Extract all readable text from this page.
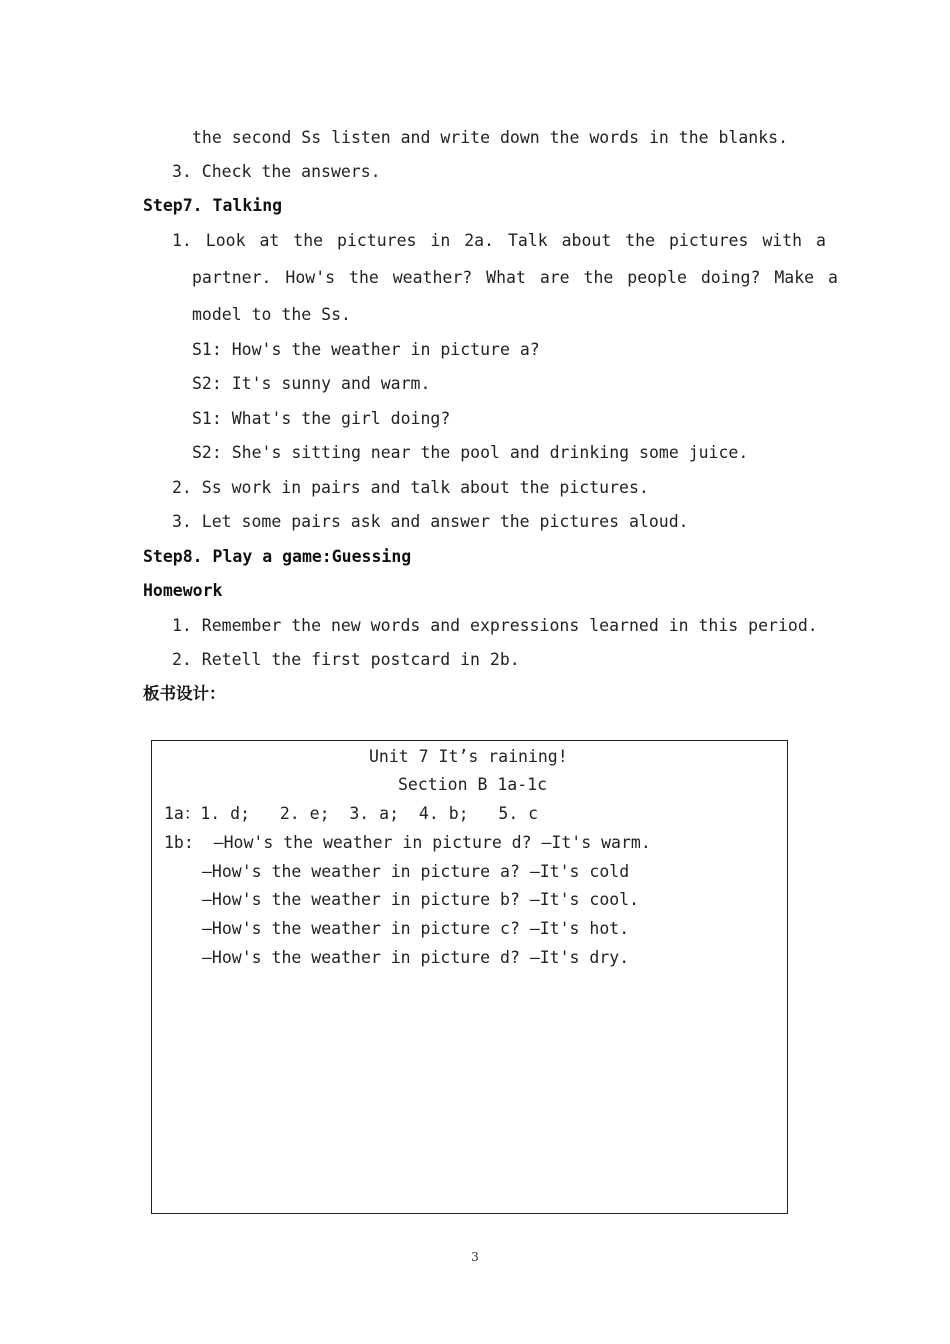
the second Ss listen and write down the words in the blanks.
3. Check the answers.
Step7. Talking
1. Look at the pictures in 2a. Talk about the pictures with a
partner. How's the weather? What are the people doing? Make a
model to the Ss.
S1: How's the weather in picture a?
S2: It's sunny and warm.
S1: What's the girl doing?
S2: She's sitting near the pool and drinking some juice.
2. Ss work in pairs and talk about the pictures.
3. Let some pairs ask and answer the pictures aloud.
Step8. Play a game:Guessing
Homework
1. Remember the new words and expressions learned in this period.
2. Retell the first postcard in 2b.
板书设计：
Unit 7 It’s raining!
Section B 1a-1c
1a：1. d;   2. e;  3. a;  4. b;   5. c
1b:  —How's the weather in picture d? —It's warm.
—How's the weather in picture a? —It's cold
—How's the weather in picture b? —It's cool.
—How's the weather in picture c? —It's hot.
—How's the weather in picture d? —It's dry.
3
